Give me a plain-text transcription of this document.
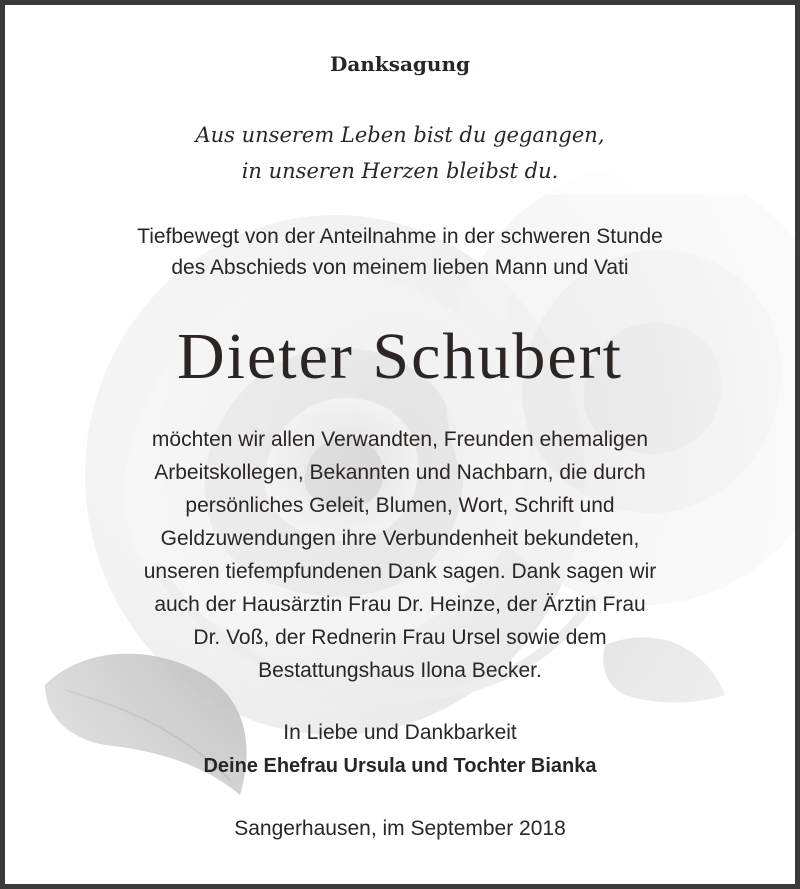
Danksagung
Aus unserem Leben bist du gegangen,
in unseren Herzen bleibst du.
Tiefbewegt von der Anteilnahme in der schweren Stunde
des Abschieds von meinem lieben Mann und Vati
Dieter Schubert
möchten wir allen Verwandten, Freunden ehemaligen
Arbeitskollegen, Bekannten und Nachbarn, die durch
persönliches Geleit, Blumen, Wort, Schrift und
Geldzuwendungen ihre Verbundenheit bekundeten,
unseren tiefempfundenen Dank sagen. Dank sagen wir
auch der Hausärztin Frau Dr. Heinze, der Ärztin Frau
Dr. Voß, der Rednerin Frau Ursel sowie dem
Bestattungshaus Ilona Becker.
In Liebe und Dankbarkeit
Deine Ehefrau Ursula und Tochter Bianka
Sangerhausen, im September 2018
